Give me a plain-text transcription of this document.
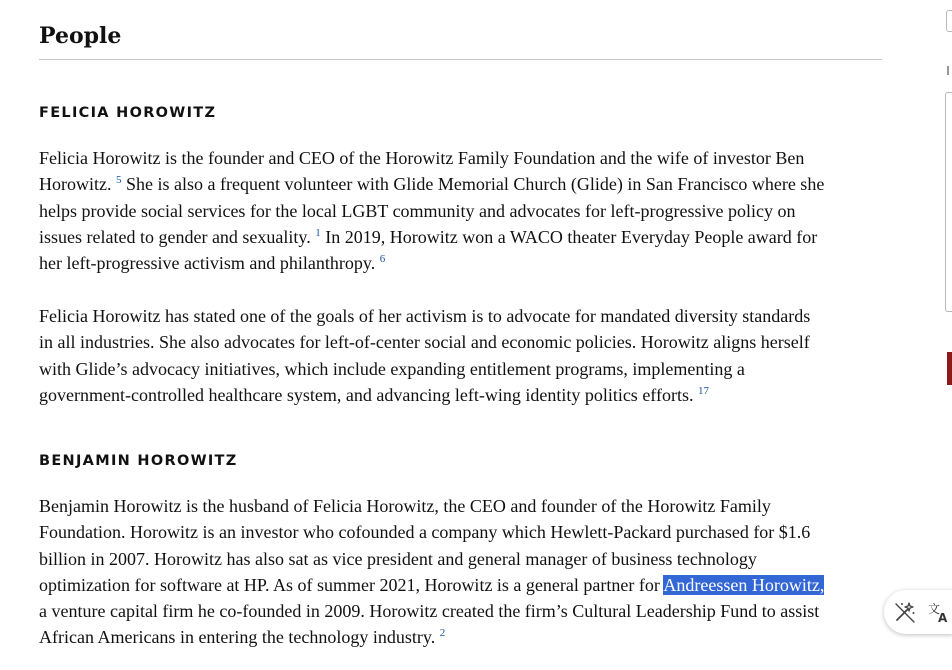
People
FELICIA HOROWITZ

Felicia Horowitz is the founder and CEO of the Horowitz Family Foundation and the wife of investor Ben
Horowitz. $^5$ She is also a frequent volunteer with Glide Memorial Church (Glide) in San Francisco where she
helps provide social services for the local LGBT community and advocates for left-progressive policy on
issues related to gender and sexuality. $^1$ In 2019, Horowitz won a WACO theater Everyday People award for
her left-progressive activism and philanthropy. $^6$

Felicia Horowitz has stated one of the goals of her activism is to advocate for mandated diversity standards
in all industries. She also advocates for left-of-center social and economic policies. Horowitz aligns herself
with Glide’s advocacy initiatives, which include expanding entitlement programs, implementing a
government-controlled healthcare system, and advancing left-wing identity politics efforts. $^{17}$

BENJAMIN HOROWITZ

Benjamin Horowitz is the husband of Felicia Horowitz, the CEO and founder of the Horowitz Family
Foundation. Horowitz is an investor who cofounded a company which Hewlett-Packard purchased for $1.6
billion in 2007. Horowitz has also sat as vice president and general manager of business technology
optimization for software at HP. As of summer 2021, Horowitz is a general partner for Andreessen Horowitz,
a venture capital firm he co-founded in 2009. Horowitz created the firm’s Cultural Leadership Fund to assist
African Americans in entering the technology industry. $^2$

文
A
